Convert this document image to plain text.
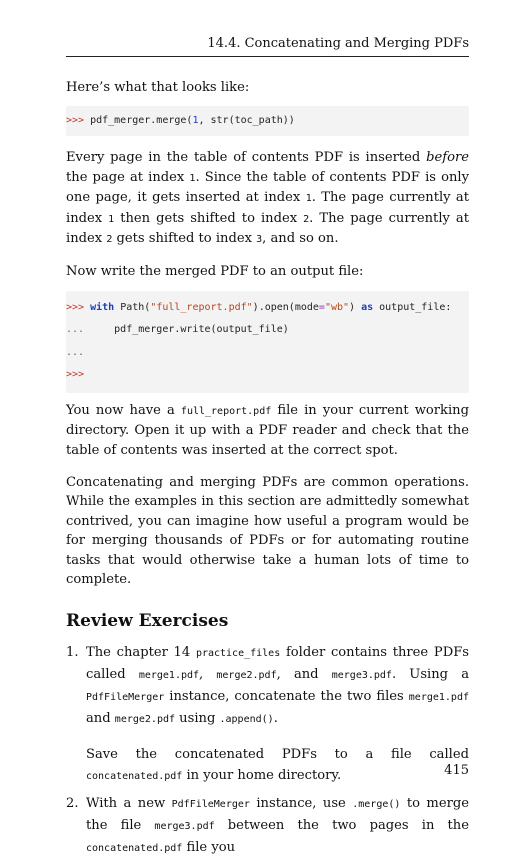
14.4. Concatenating and Merging PDFs

Here’s what that looks like:

>>> pdf_merger.merge(1, str(toc_path))

Every page in the table of contents PDF is inserted before the page at index 1. Since the table of contents PDF is only one page, it gets inserted at index 1. The page currently at index 1 then gets shifted to index 2. The page currently at index 2 gets shifted to index 3, and so on.

Now write the merged PDF to an output file:

>>> with Path("full_report.pdf").open(mode="wb") as output_file:
...     pdf_merger.write(output_file)
...
>>>

You now have a full_report.pdf file in your current working directory. Open it up with a PDF reader and check that the table of contents was inserted at the correct spot.

Concatenating and merging PDFs are common operations. While the examples in this section are admittedly somewhat contrived, you can imagine how useful a program would be for merging thousands of PDFs or for automating routine tasks that would otherwise take a human lots of time to complete.

Review Exercises
1. The chapter 14 practice_files folder contains three PDFs called merge1.pdf, merge2.pdf, and merge3.pdf. Using a PdfFileMerger instance, concatenate the two files merge1.pdf and merge2.pdf using .append().

Save the concatenated PDFs to a file called concatenated.pdf in your home directory.

2. With a new PdfFileMerger instance, use .merge() to merge the file merge3.pdf between the two pages in the concatenated.pdf file you

415
